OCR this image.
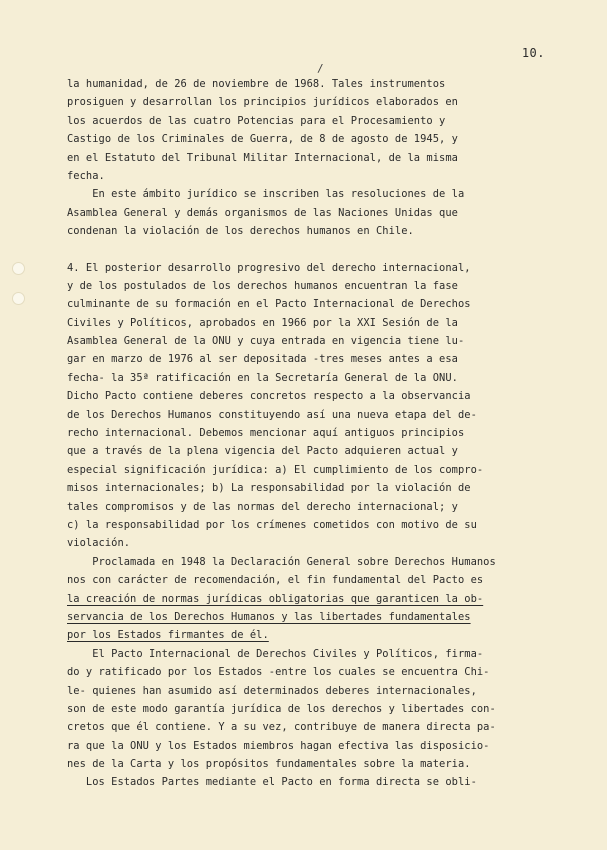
10.
/
la humanidad, de 26 de noviembre de 1968. Tales instrumentos
prosiguen y desarrollan los principios jurídicos elaborados en
los acuerdos de las cuatro Potencias para el Procesamiento y
Castigo de los Criminales de Guerra, de 8 de agosto de 1945, y
en el Estatuto del Tribunal Militar Internacional, de la misma
fecha.
En este ámbito jurídico se inscriben las resoluciones de la
Asamblea General y demás organismos de las Naciones Unidas que
condenan la violación de los derechos humanos en Chile.
4. El posterior desarrollo progresivo del derecho internacional,
y de los postulados de los derechos humanos encuentran la fase
culminante de su formación en el Pacto Internacional de Derechos
Civiles y Políticos, aprobados en 1966 por la XXI Sesión de la
Asamblea General de la ONU y cuya entrada en vigencia tiene lu-
gar en marzo de 1976 al ser depositada -tres meses antes a esa
fecha- la 35ª ratificación en la Secretaría General de la ONU.
Dicho Pacto contiene deberes concretos respecto a la observancia
de los Derechos Humanos constituyendo así una nueva etapa del de-
recho internacional. Debemos mencionar aquí antiguos principios
que a través de la plena vigencia del Pacto adquieren actual y
especial significación jurídica: a) El cumplimiento de los compro-
misos internacionales; b) La responsabilidad por la violación de
tales compromisos y de las normas del derecho internacional; y
c) la responsabilidad por los crímenes cometidos con motivo de su
violación.
Proclamada en 1948 la Declaración General sobre Derechos Humanos
nos con carácter de recomendación, el fin fundamental del Pacto es
la creación de normas jurídicas obligatorias que garanticen la ob-
servancia de los Derechos Humanos y las libertades fundamentales
por los Estados firmantes de él.
El Pacto Internacional de Derechos Civiles y Políticos, firma-
do y ratificado por los Estados -entre los cuales se encuentra Chi-
le- quienes han asumido así determinados deberes internacionales,
son de este modo garantía jurídica de los derechos y libertades con-
cretos que él contiene. Y a su vez, contribuye de manera directa pa-
ra que la ONU y los Estados miembros hagan efectiva las disposicio-
nes de la Carta y los propósitos fundamentales sobre la materia.
Los Estados Partes mediante el Pacto en forma directa se obli-
